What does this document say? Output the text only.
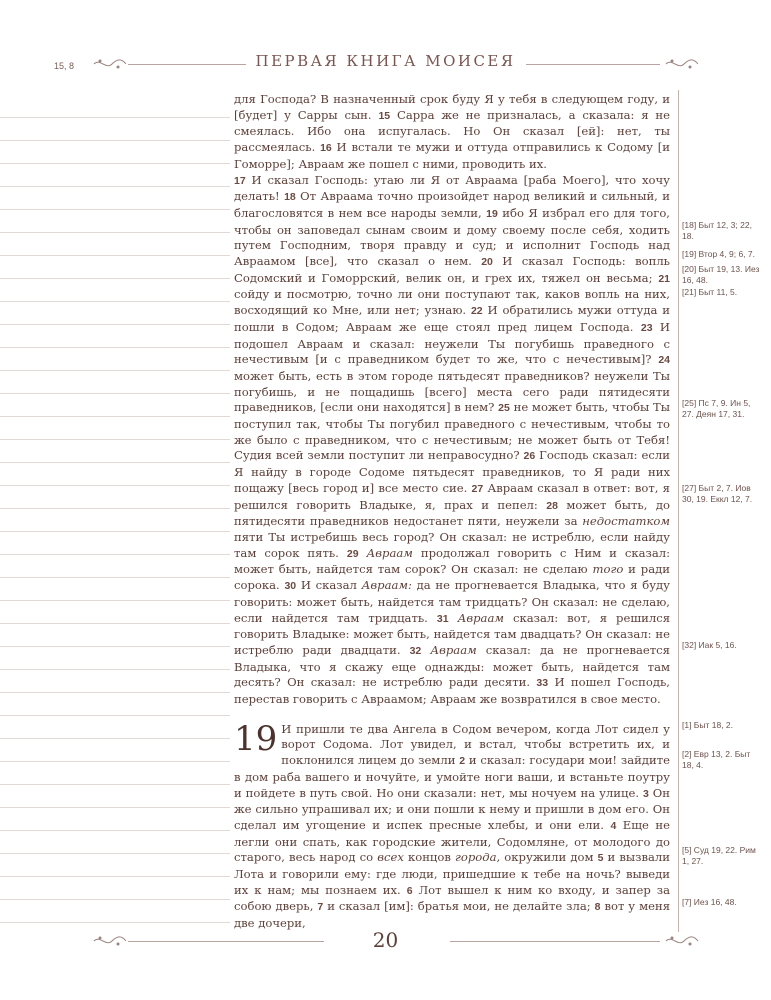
15, 8	ПЕРВАЯ КНИГА МОИСЕЯ

для Господа? В назначенный срок буду Я у тебя в следующем году, и [будет] у Сарры сын. 15 Сарра же не призналась, а сказала: я не смеялась. Ибо она испугалась. Но Он сказал [ей]: нет, ты рассмеялась. 16 И встали те мужи и оттуда отправились к Содому [и Гоморре]; Авраам же пошел с ними, проводить их.

17 И сказал Господь: утаю ли Я от Авраама [раба Моего], что хочу делать! 18 От Авраама точно произойдет народ великий и сильный, и благословятся в нем все народы земли, 19 ибо Я избрал его для того, чтобы он заповедал сынам своим и дому своему после себя, ходить путем Господним, творя правду и суд; и исполнит Господь над Авраамом [все], что сказал о нем. 20 И сказал Господь: вопль Содомский и Гоморрский, велик он, и грех их, тяжел он весьма; 21 сойду и посмотрю, точно ли они поступают так, каков вопль на них, восходящий ко Мне, или нет; узнаю. 22 И обратились мужи оттуда и пошли в Содом; Авраам же еще стоял пред лицем Господа. 23 И подошел Авраам и сказал: неужели Ты погубишь праведного с нечестивым [и с праведником будет то же, что с нечестивым]? 24 может быть, есть в этом городе пятьдесят праведников? неужели Ты погубишь, и не пощадишь [всего] места сего ради пятидесяти праведников, [если они находятся] в нем? 25 не может быть, чтобы Ты поступил так, чтобы Ты погубил праведного с нечестивым, чтобы то же было с праведником, что с нечестивым; не может быть от Тебя! Судия всей земли поступит ли неправосудно? 26 Господь сказал: если Я найду в городе Содоме пятьдесят праведников, то Я ради них пощажу [весь город и] все место сие. 27 Авраам сказал в ответ: вот, я решился говорить Владыке, я, прах и пепел: 28 может быть, до пятидесяти праведников недостанет пяти, неужели за недостатком пяти Ты истребишь весь город? Он сказал: не истреблю, если найду там сорок пять. 29 Авраам продолжал говорить с Ним и сказал: может быть, найдется там сорок? Он сказал: не сделаю того и ради сорока. 30 И сказал Авраам: да не прогневается Владыка, что я буду говорить: может быть, найдется там тридцать? Он сказал: не сделаю, если найдется там тридцать. 31 Авраам сказал: вот, я решился говорить Владыке: может быть, найдется там двадцать? Он сказал: не истреблю ради двадцати. 32 Авраам сказал: да не прогневается Владыка, что я скажу еще однажды: может быть, найдется там десять? Он сказал: не истреблю ради десяти. 33 И пошел Господь, перестав говорить с Авраамом; Авраам же возвратился в свое место.

19 И пришли те два Ангела в Содом вечером, когда Лот сидел у ворот Содома. Лот увидел, и встал, чтобы встретить их, и поклонился лицем до земли 2 и сказал: государи мои! зайдите в дом раба вашего и ночуйте, и умойте ноги ваши, и встаньте поутру и пойдете в путь свой. Но они сказали: нет, мы ночуем на улице. 3 Он же сильно упрашивал их; и они пошли к нему и пришли в дом его. Он сделал им угощение и испек пресные хлебы, и они ели. 4 Еще не легли они спать, как городские жители, Содомляне, от молодого до старого, весь народ со всех концов города, окружили дом 5 и вызвали Лота и говорили ему: где люди, пришедшие к тебе на ночь? выведи их к нам; мы познаем их. 6 Лот вышел к ним ко входу, и запер за собою дверь, 7 и сказал [им]: братья мои, не делайте зла; 8 вот у меня две дочери,

[18] Быт 12, 3; 22, 18.
[19] Втор 4, 9; 6, 7.
[20] Быт 19, 13. Иез 16, 48.
[21] Быт 11, 5.
[25] Пс 7, 9. Ин 5, 27. Деян 17, 31.
[27] Быт 2, 7. Иов 30, 19. Еккл 12, 7.
[32] Иак 5, 16.
[1] Быт 18, 2.
[2] Евр 13, 2. Быт 18, 4.
[5] Суд 19, 22. Рим 1, 27.
[7] Иез 16, 48.
20
